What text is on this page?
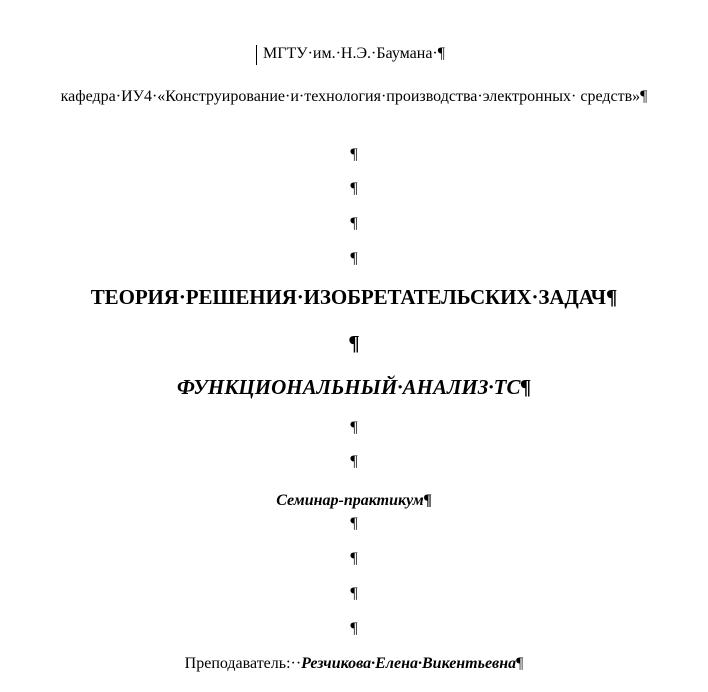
МГТУ·им.·Н.Э.·Баумана·¶
кафедра·ИУ4·«Конструирование·и·технология·производства·электронных· средств»¶
¶
¶
¶
¶
ТЕОРИЯ·РЕШЕНИЯ·ИЗОБРЕТАТЕЛЬСКИХ·ЗАДАЧ¶
¶
ФУНКЦИОНАЛЬНЫЙ·АНАЛИЗ·ТС¶
¶
¶
Семинар-практикум¶
¶
¶
¶
¶
Преподаватель:··Резчикова·Елена·Викентьевна¶
